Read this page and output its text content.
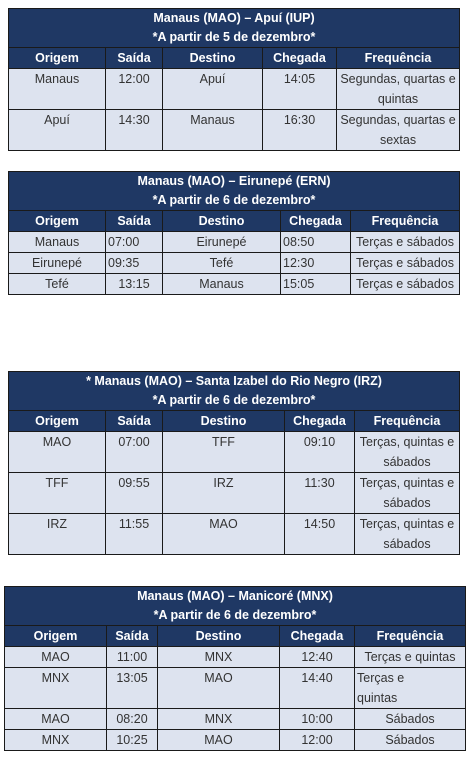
Manaus (MAO) – Apuí (IUP)
*A partir de 5 de dezembro*				

Origem	Saída	Destino	Chegada	Frequência
Manaus	12:00	Apuí	14:05	Segundas, quartas e quintas
Apuí	14:30	Manaus	16:30	Segundas, quartas e sextas
Manaus (MAO) – Eirunepé (ERN)
*A partir de 6 de dezembro*				

Origem	Saída	Destino	Chegada	Frequência
Manaus	07:00	Eirunepé	08:50	Terças e sábados
Eirunepé	09:35	Tefé	12:30	Terças e sábados
Tefé	13:15	Manaus	15:05	Terças e sábados
* Manaus (MAO) – Santa Izabel do Rio Negro (IRZ)
*A partir de 6 de dezembro*				

Origem	Saída	Destino	Chegada	Frequência
MAO	07:00	TFF	09:10	Terças, quintas e sábados
TFF	09:55	IRZ	11:30	Terças, quintas e sábados
IRZ	11:55	MAO	14:50	Terças, quintas e sábados
Manaus (MAO) – Manicoré (MNX)
*A partir de 6 de dezembro*				

Origem	Saída	Destino	Chegada	Frequência
MAO	11:00	MNX	12:40	Terças e quintas
MNX	13:05	MAO	14:40	Terças e quintas
MAO	08:20	MNX	10:00	Sábados
MNX	10:25	MAO	12:00	Sábados
